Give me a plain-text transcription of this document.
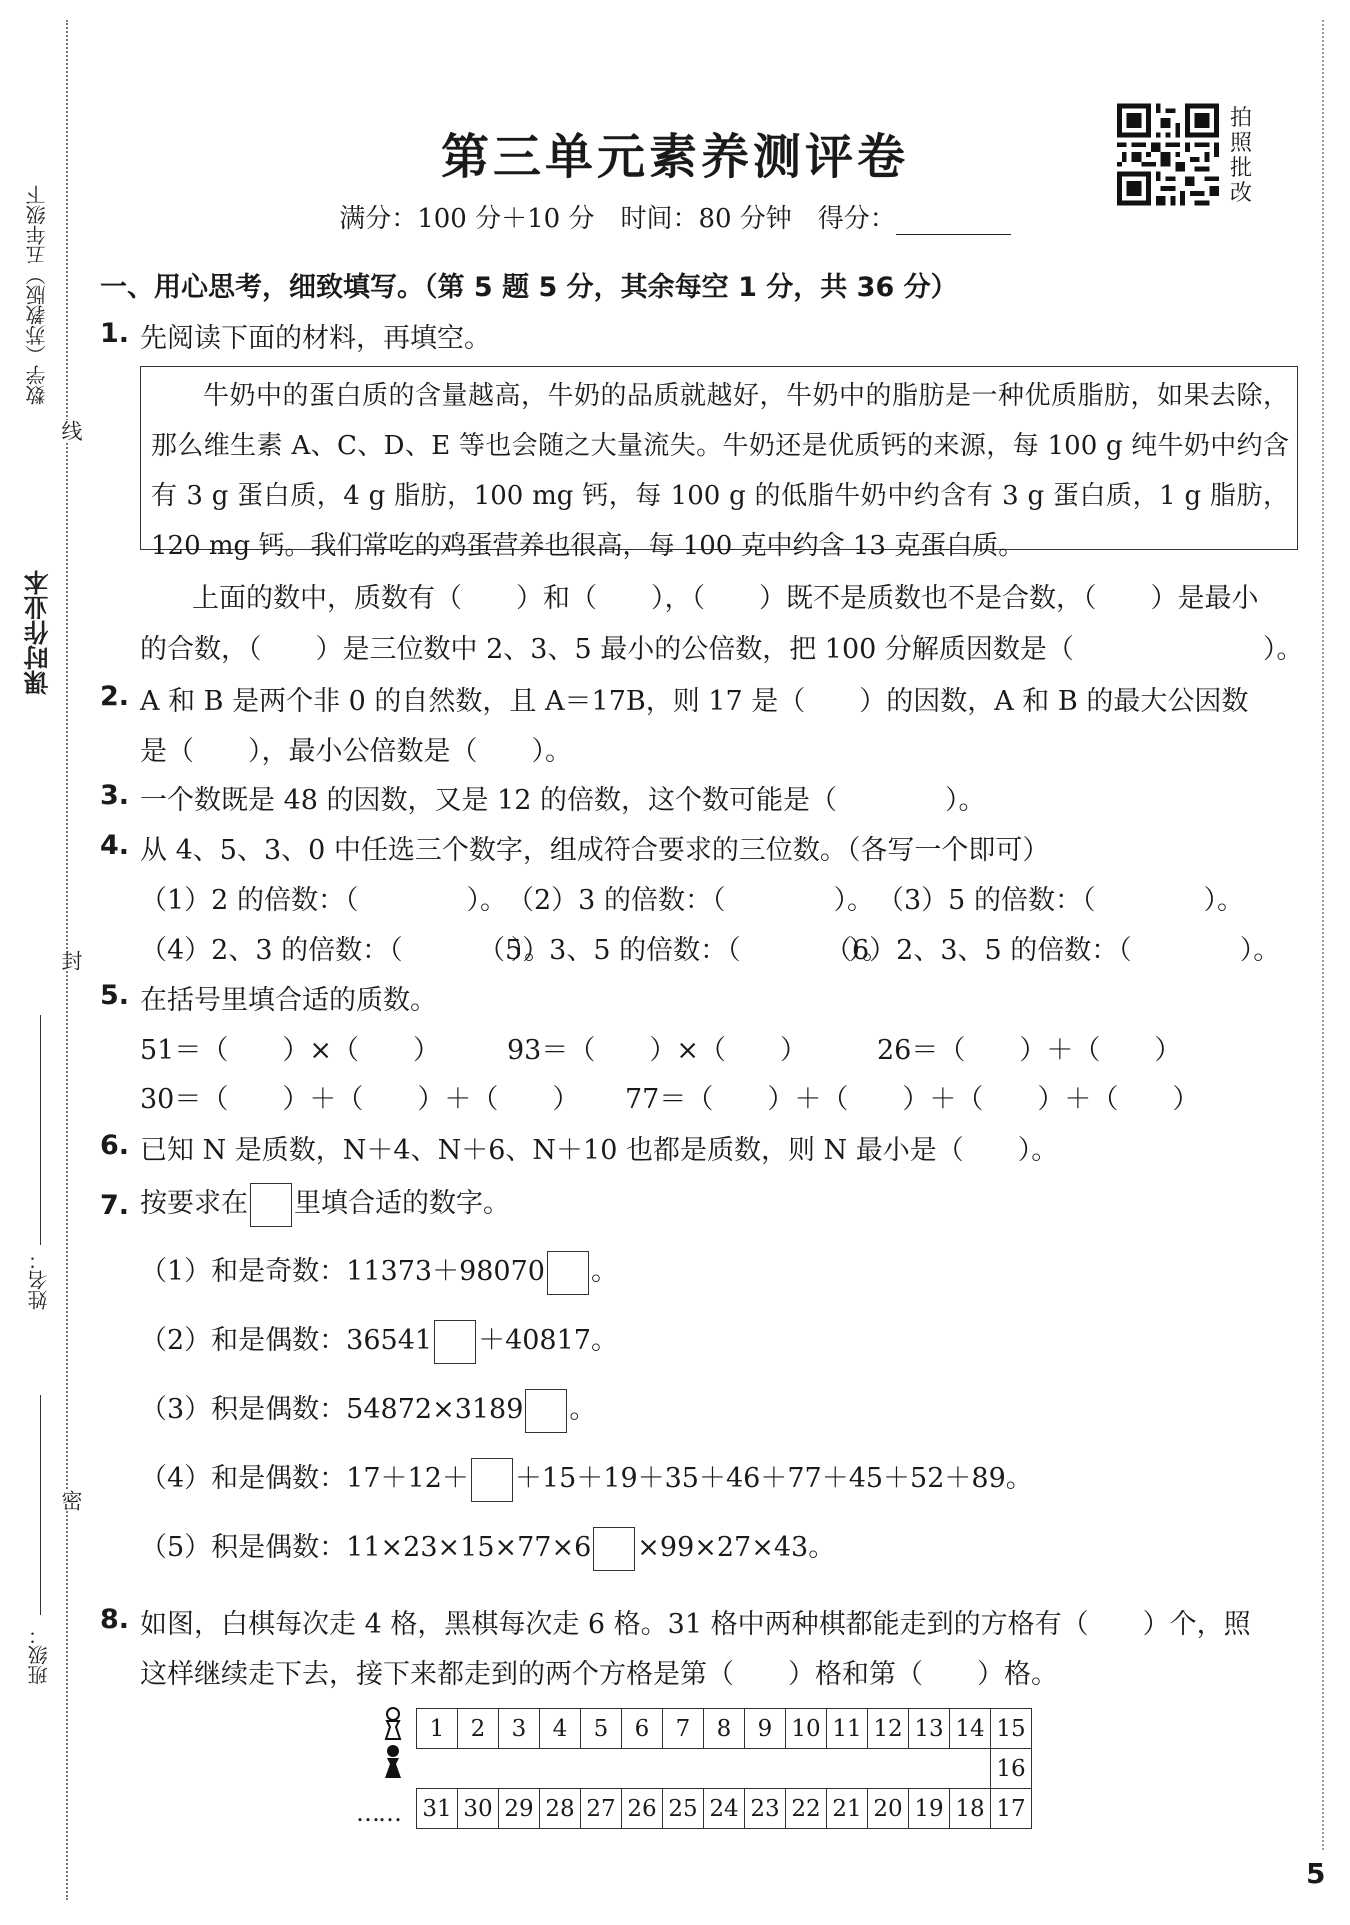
课时作业本
数学（苏教版）五年级下
线
封
密
姓名：
班级：
第三单元素养测评卷
满分：100 分＋10 分　时间：80 分钟　得分：
拍照批改
一、用心思考，细致填写。（第 5 题 5 分，其余每空 1 分，共 36 分）
1. 先阅读下面的材料，再填空。

牛奶中的蛋白质的含量越高，牛奶的品质就越好，牛奶中的脂肪是一种优质脂肪，如果去除，那么维生素 A、C、D、E 等也会随之大量流失。牛奶还是优质钙的来源，每 100 g 纯牛奶中约含有 3 g 蛋白质，4 g 脂肪，100 mg 钙，每 100 g 的低脂牛奶中约含有 3 g 蛋白质，1 g 脂肪，120 mg 钙。我们常吃的鸡蛋营养也很高，每 100 克中约含 13 克蛋白质。

上面的数中，质数有（　　）和（　　），（　　）既不是质数也不是合数，（　　）是最小
的合数，（　　）是三位数中 2、3、5 最小的公倍数，把 100 分解质因数是（　　　　　　　）。
2. A 和 B 是两个非 0 的自然数，且 A＝17B，则 17 是（　　）的因数，A 和 B 的最大公因数
是（　　），最小公倍数是（　　）。
3. 一个数既是 48 的因数，又是 12 的倍数，这个数可能是（　　　　）。
4. 从 4、5、3、0 中任选三个数字，组成符合要求的三位数。（各写一个即可）
（1）2 的倍数：（　　　　）。 （2）3 的倍数：（　　　　）。 （3）5 的倍数：（　　　　）。
（4）2、3 的倍数：（　　　　）。
（5）3、5 的倍数：（　　　　）。
（6）2、3、5 的倍数：（　　　　）。
5. 在括号里填合适的质数。
51＝（　　）×（　　） 93＝（　　）×（　　）	26＝（　　）＋（　　）
30＝（　　）＋（　　）＋（　　） 77＝（　　）＋（　　）＋（　　）＋（　　）
6. 已知 N 是质数，N＋4、N＋6、N＋10 也都是质数，则 N 最小是（　　）。
7. 按要求在 里填合适的数字。
（1）和是奇数：11373＋98070 。
（2）和是偶数：36541 ＋40817。
（3）积是偶数：54872×3189 。
（4）和是偶数：17＋12＋ ＋15＋19＋35＋46＋77＋45＋52＋89。
（5）积是偶数：11×23×15×77×6 ×99×27×43。
8. 如图，白棋每次走 4 格，黑棋每次走 6 格。31 格中两种棋都能走到的方格有（　　）个，照
这样继续走下去，接下来都走到的两个方格是第（　　）格和第（　　）格。
1	2	3	4	5	6	7	8	9	10	11	12	13	14	15
														16
31	30	29	28	27	26	25	24	23	22	21	20	19	18	17
……
5
